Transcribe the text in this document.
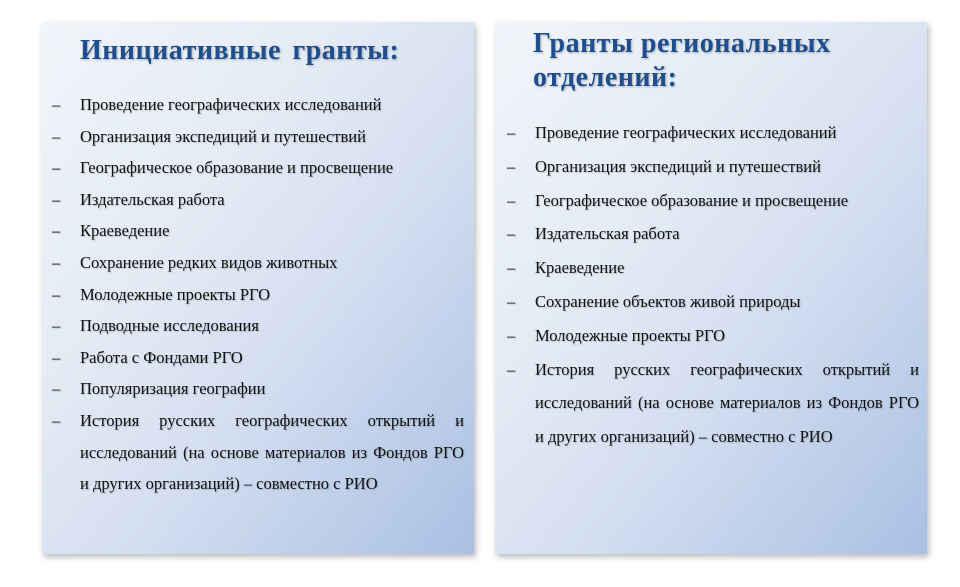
Инициативные гранты:
– Проведение географических исследований
– Организация экспедиций и путешествий
– Географическое образование и просвещение
– Издательская работа
– Краеведение
– Сохранение редких видов животных
– Молодежные проекты РГО
– Подводные исследования
– Работа с Фондами РГО
– Популяризация географии
– История русских географических открытий и исследований (на основе материалов из Фондов РГО и других организаций) – совместно с РИО
Гранты региональных отделений:
– Проведение географических исследований
– Организация экспедиций и путешествий
– Географическое образование и просвещение
– Издательская работа
– Краеведение
– Сохранение объектов живой природы
– Молодежные проекты РГО
– История русских географических открытий и исследований (на основе материалов из Фондов РГО и других организаций) – совместно с РИО
